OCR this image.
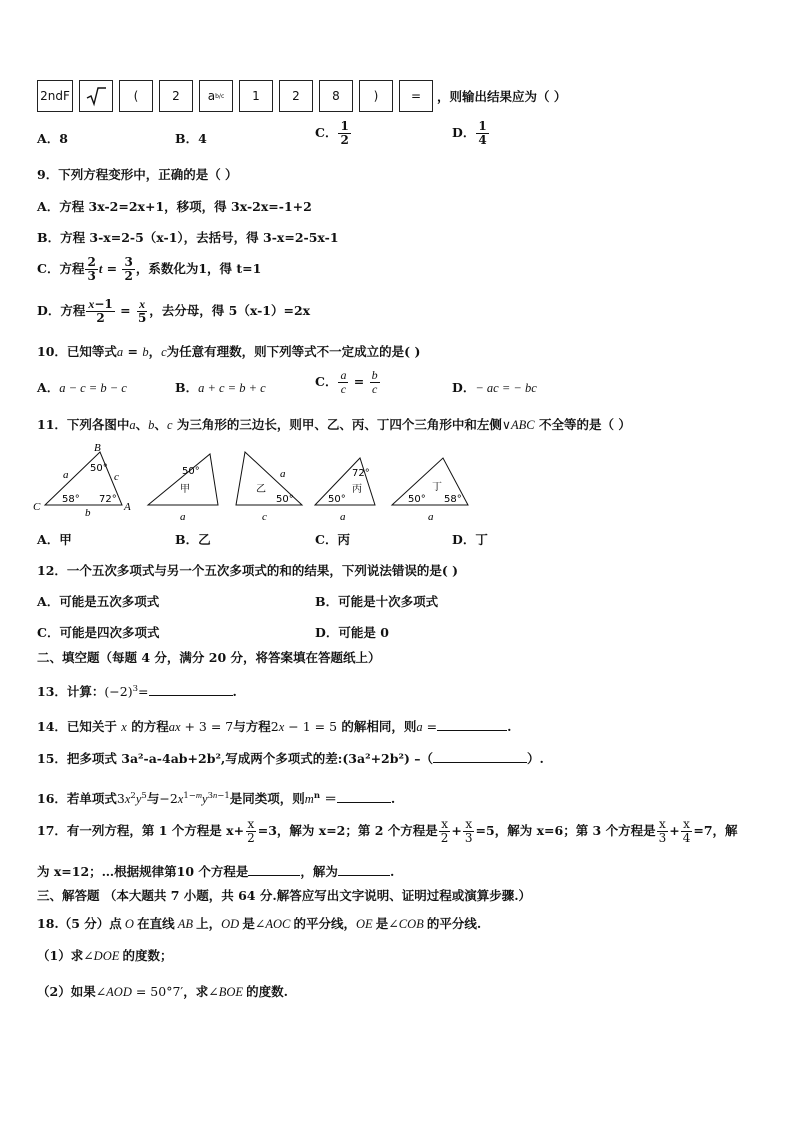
2ndF	(	2 a b/c 1	2	8	)	= ，则输出结果应为（ ）
A．8	B．4	C． $\frac{1}{2}$	D． $\frac{1}{4}$
9．下列方程变形中，正确的是（ ）
A．方程 3x-2=2x+1，移项，得 3x-2x=-1+2
B．方程 3-x=2-5（x-1），去括号，得 3-x=2-5x-1
C．方程 $\frac{2}{3}$ $t = \frac{3}{2}$ ，系数化为1，得 t=1
D．方程 $\frac{x-1}{2} = \frac{x}{5}$ ，去分母，得 5（x-1）=2x
10．已知等式a = b，c为任意有理数，则下列等式不一定成立的是( )
A．a − c = b − c	B．a + c = b + c	C． $\frac{a}{c} = \frac{b}{c}$	D．− ac = − bc
11．下列各图中a、b、c 为三角形的三边长，则甲、乙、丙、丁四个三角形中和左侧∨ABC 不全等的是（ ）
B
C	A
a	c
b
50°
58° 72°
50°
甲
a
a
乙
50°
c
72°
丙
50°
a
丁
50° 58°
a
A．甲	B．乙	C．丙	D．丁
12．一个五次多项式与另一个五次多项式的和的结果，下列说法错误的是( )
A．可能是五次多项式	B．可能是十次多项式
C．可能是四次多项式	D．可能是 0
二、填空题（每题 4 分，满分 20 分，将答案填在答题纸上）
13．计算：$(-2)^3=$	.
14．已知关于 x 的方程ax + 3 = 7与方程2x − 1 = 5 的解相同，则a =	.
15．把多项式 3a²-a-4ab+2b²,写成两个多项式的差:(3a²+2b²) –（	）.
16．若单项式$3x^2y^5$与$-2x^{1-m}y^{3n-1}$是同类项，则$m^n$ ＝	.
17．有一列方程，第 1 个方程是 $x+ \frac{x}{2} =3$，解为 x=2；第 2 个方程是 $\frac{x}{2} + \frac{x}{3} =5$，解为 x=6；第 3 个方程是 $\frac{x}{3} + \frac{x}{4} =7$，解
为 x=12；…根据规律第10 个方程是	，解为	.
三、解答题 （本大题共 7 小题，共 64 分.解答应写出文字说明、证明过程或演算步骤.）
18.（5 分）点 O 在直线 AB 上，OD 是∠AOC 的平分线，OE 是∠COB 的平分线.
（1）求∠DOE 的度数；
（2）如果∠AOD = 50°7′，求∠BOE 的度数.
